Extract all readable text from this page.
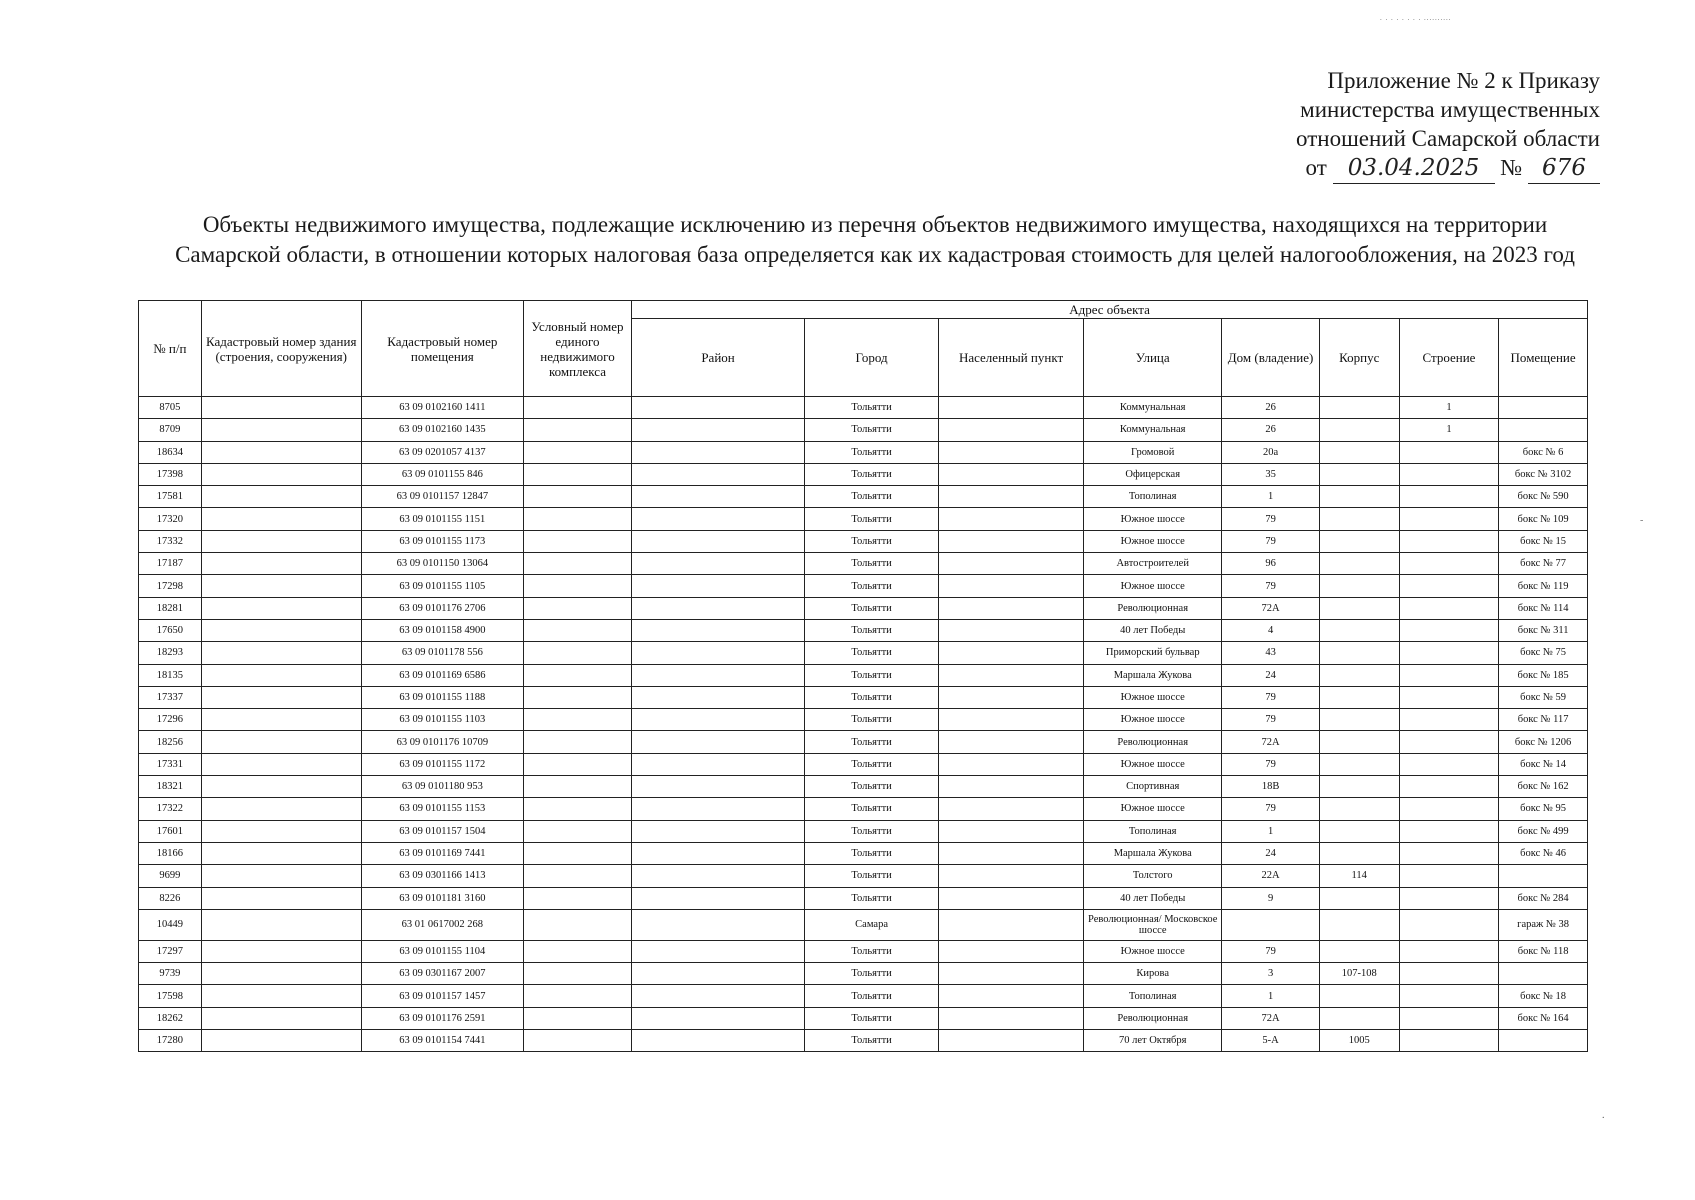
. . . . . . . . ..........
Приложение № 2 к Приказу
министерства имущественных
отношений Самарской области
от 03.04.2025 № 676
Объекты недвижимого имущества, подлежащие исключению из перечня объектов недвижимого имущества, находящихся на территории Самарской области, в отношении которых налоговая база определяется как их кадастровая стоимость для целей налогообложения, на 2023 год
№ п/п	Кадастровый номер здания (строения, сооружения)	Кадастровый номер помещения	Условный номер единого недвижимого комплекса	Адрес объекта							
				Район	Город	Населенный пункт	Улица	Дом (владение)	Корпус	Строение	Помещение
8705		63 09 0102160 1411			Тольятти		Коммунальная	26		1	
8709		63 09 0102160 1435			Тольятти		Коммунальная	26		1	
18634		63 09 0201057 4137			Тольятти		Громовой	20а			бокс № 6
17398		63 09 0101155 846			Тольятти		Офицерская	35			бокс № 3102
17581		63 09 0101157 12847			Тольятти		Тополиная	1			бокс № 590
17320		63 09 0101155 1151			Тольятти		Южное шоссе	79			бокс № 109
17332		63 09 0101155 1173			Тольятти		Южное шоссе	79			бокс № 15
17187		63 09 0101150 13064			Тольятти		Автостроителей	96			бокс № 77
17298		63 09 0101155 1105			Тольятти		Южное шоссе	79			бокс № 119
18281		63 09 0101176 2706			Тольятти		Революционная	72А			бокс № 114
17650		63 09 0101158 4900			Тольятти		40 лет Победы	4			бокс № 311
18293		63 09 0101178 556			Тольятти		Приморский бульвар	43			бокс № 75
18135		63 09 0101169 6586			Тольятти		Маршала Жукова	24			бокс № 185
17337		63 09 0101155 1188			Тольятти		Южное шоссе	79			бокс № 59
17296		63 09 0101155 1103			Тольятти		Южное шоссе	79			бокс № 117
18256		63 09 0101176 10709			Тольятти		Революционная	72А			бокс № 1206
17331		63 09 0101155 1172			Тольятти		Южное шоссе	79			бокс № 14
18321		63 09 0101180 953			Тольятти		Спортивная	18В			бокс № 162
17322		63 09 0101155 1153			Тольятти		Южное шоссе	79			бокс № 95
17601		63 09 0101157 1504			Тольятти		Тополиная	1			бокс № 499
18166		63 09 0101169 7441			Тольятти		Маршала Жукова	24			бокс № 46
9699		63 09 0301166 1413			Тольятти		Толстого	22А	114		
8226		63 09 0101181 3160			Тольятти		40 лет Победы	9			бокс № 284
10449		63 01 0617002 268			Самара		Революционная/ Московское шоссе				гараж № 38
17297		63 09 0101155 1104			Тольятти		Южное шоссе	79			бокс № 118
9739		63 09 0301167 2007			Тольятти		Кирова	3	107-108		
17598		63 09 0101157 1457			Тольятти		Тополиная	1			бокс № 18
18262		63 09 0101176 2591			Тольятти		Революционная	72А			бокс № 164
17280		63 09 0101154 7441			Тольятти		70 лет Октября	5-А	1005		
-
.
